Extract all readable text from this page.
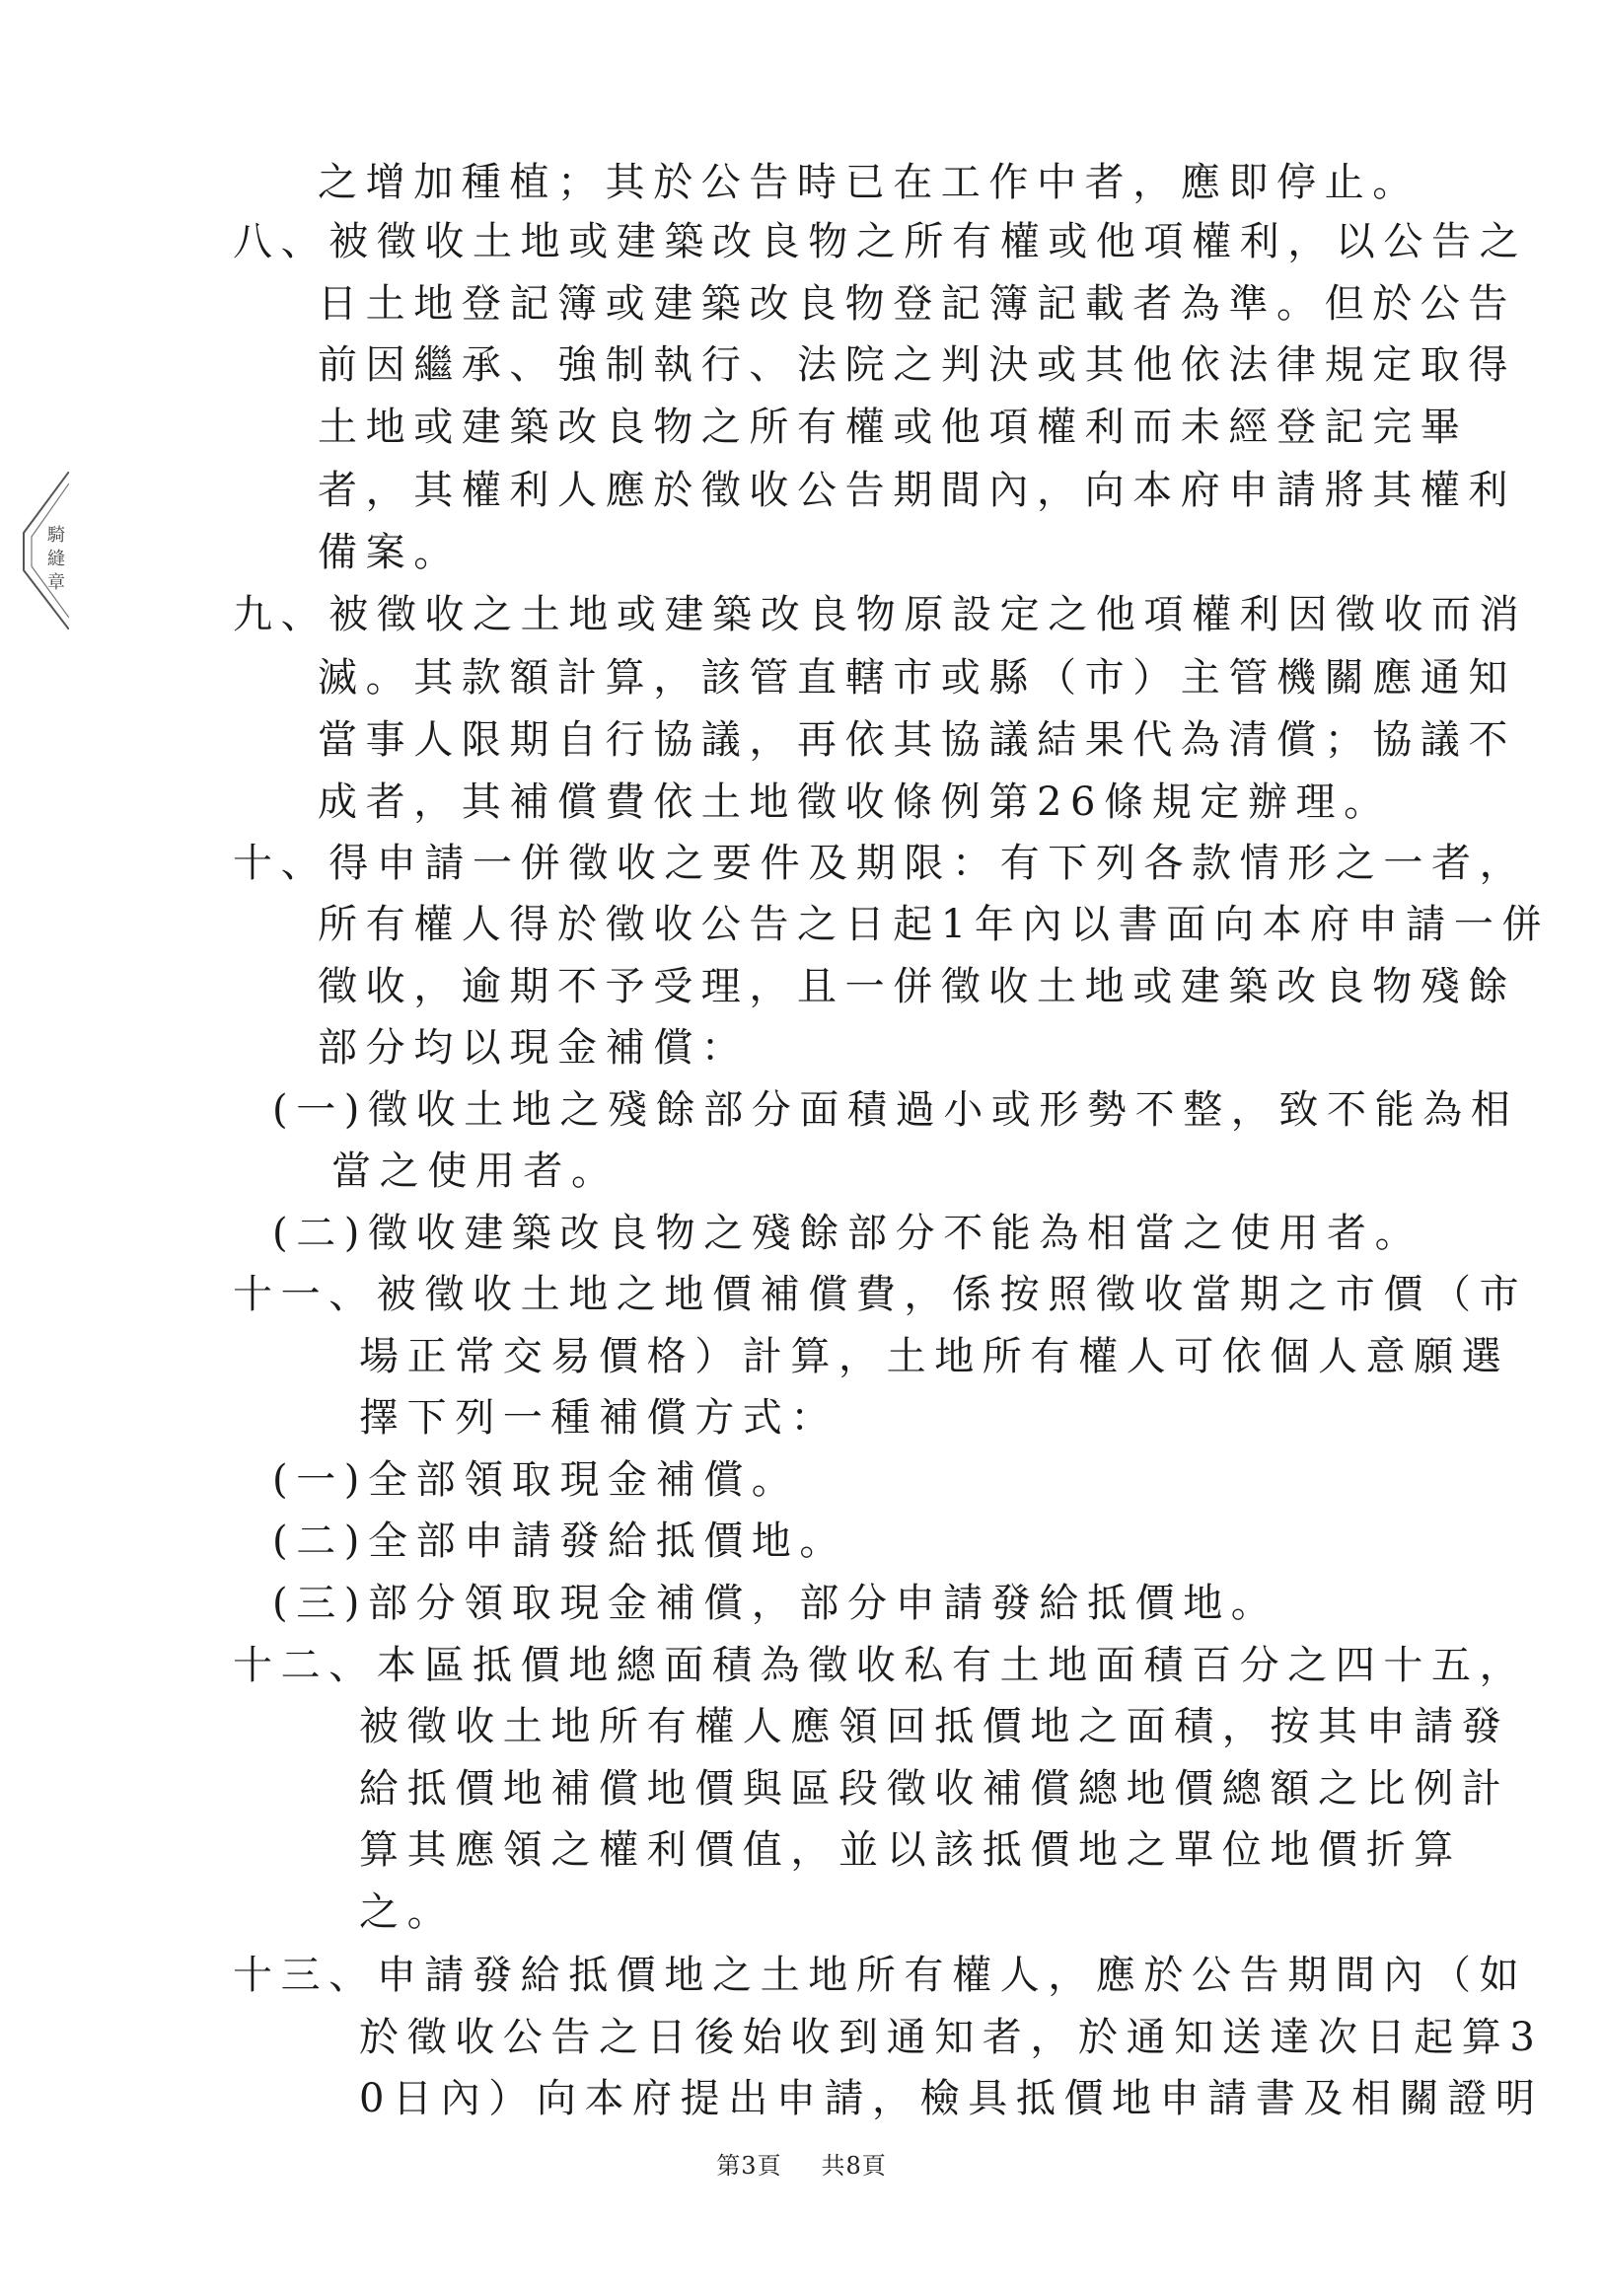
之增加種植；其於公告時已在工作中者，應即停止。
八、被徵收土地或建築改良物之所有權或他項權利，以公告之
日土地登記簿或建築改良物登記簿記載者為準。但於公告
前因繼承、強制執行、法院之判決或其他依法律規定取得
土地或建築改良物之所有權或他項權利而未經登記完畢
者，其權利人應於徵收公告期間內，向本府申請將其權利
備案。
九、被徵收之土地或建築改良物原設定之他項權利因徵收而消
滅。其款額計算，該管直轄市或縣（市）主管機關應通知
當事人限期自行協議，再依其協議結果代為清償；協議不
成者，其補償費依土地徵收條例第26條規定辦理。
十、得申請一併徵收之要件及期限：有下列各款情形之一者，
所有權人得於徵收公告之日起1年內以書面向本府申請一併
徵收，逾期不予受理，且一併徵收土地或建築改良物殘餘
部分均以現金補償：
(一)徵收土地之殘餘部分面積過小或形勢不整，致不能為相
當之使用者。
(二)徵收建築改良物之殘餘部分不能為相當之使用者。
十一、被徵收土地之地價補償費，係按照徵收當期之市價（市
場正常交易價格）計算，土地所有權人可依個人意願選
擇下列一種補償方式：
(一)全部領取現金補償。
(二)全部申請發給抵價地。
(三)部分領取現金補償，部分申請發給抵價地。
十二、本區抵價地總面積為徵收私有土地面積百分之四十五，
被徵收土地所有權人應領回抵價地之面積，按其申請發
給抵價地補償地價與區段徵收補償總地價總額之比例計
算其應領之權利價值，並以該抵價地之單位地價折算
之。
十三、申請發給抵價地之土地所有權人，應於公告期間內（如
於徵收公告之日後始收到通知者，於通知送達次日起算3
0日內）向本府提出申請，檢具抵價地申請書及相關證明
第3頁 共8頁
騎
縫
章
